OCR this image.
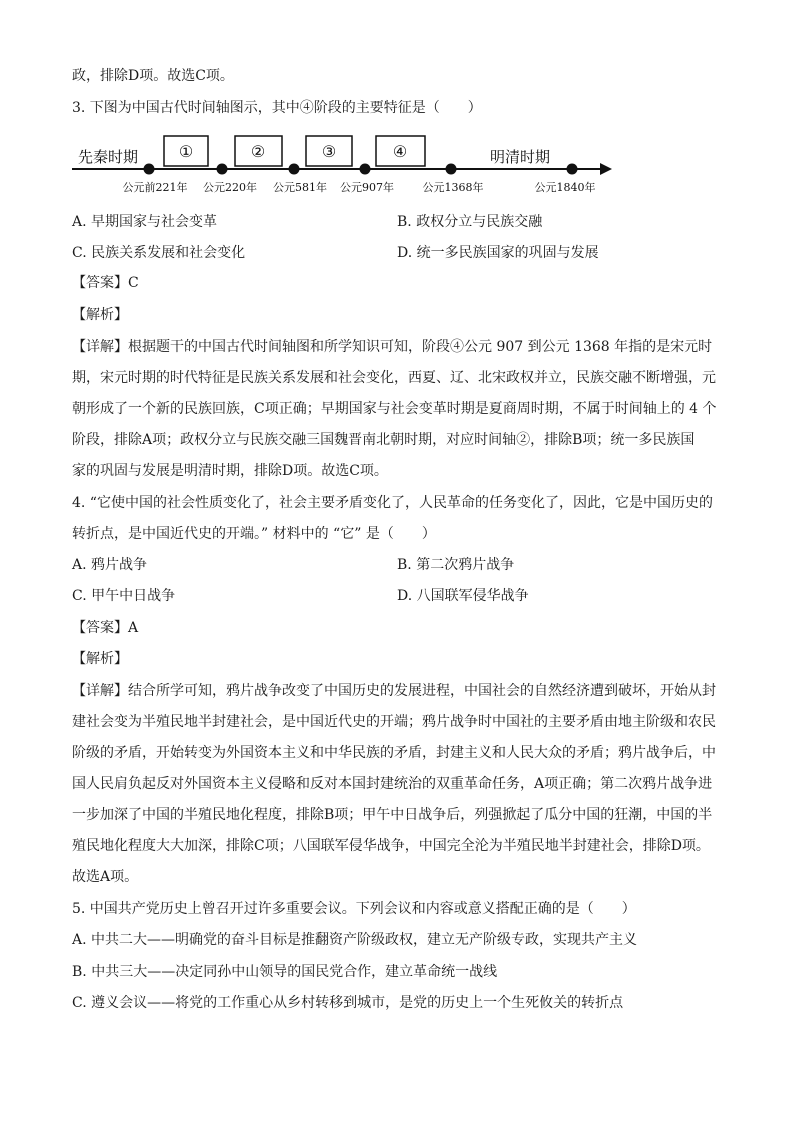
政，排除D项。故选C项。
3. 下图为中国古代时间轴图示，其中④阶段的主要特征是（　　）
先秦时期	明清时期
①	②	③	④
公元前221年 公元220年 公元581年 公元907年	公元1368年	公元1840年
A. 早期国家与社会变革	B. 政权分立与民族交融
C. 民族关系发展和社会变化	D. 统一多民族国家的巩固与发展
【答案】C
【解析】
【详解】根据题干的中国古代时间轴图和所学知识可知，阶段④公元 907 到公元 1368 年指的是宋元时
期，宋元时期的时代特征是民族关系发展和社会变化，西夏、辽、北宋政权并立，民族交融不断增强，元
朝形成了一个新的民族回族，C项正确；早期国家与社会变革时期是夏商周时期，不属于时间轴上的 4 个
阶段，排除A项；政权分立与民族交融三国魏晋南北朝时期，对应时间轴②，排除B项；统一多民族国
家的巩固与发展是明清时期，排除D项。故选C项。
4. “它使中国的社会性质变化了，社会主要矛盾变化了，人民革命的任务变化了，因此，它是中国历史的
转折点，是中国近代史的开端。” 材料中的 “它” 是（　　）
A. 鸦片战争	B. 第二次鸦片战争
C. 甲午中日战争	D. 八国联军侵华战争
【答案】A
【解析】
【详解】结合所学可知，鸦片战争改变了中国历史的发展进程，中国社会的自然经济遭到破坏，开始从封
建社会变为半殖民地半封建社会，是中国近代史的开端；鸦片战争时中国社的主要矛盾由地主阶级和农民
阶级的矛盾，开始转变为外国资本主义和中华民族的矛盾，封建主义和人民大众的矛盾；鸦片战争后，中
国人民肩负起反对外国资本主义侵略和反对本国封建统治的双重革命任务，A项正确；第二次鸦片战争进
一步加深了中国的半殖民地化程度，排除B项；甲午中日战争后，列强掀起了瓜分中国的狂潮，中国的半
殖民地化程度大大加深，排除C项；八国联军侵华战争，中国完全沦为半殖民地半封建社会，排除D项。
故选A项。
5. 中国共产党历史上曾召开过许多重要会议。下列会议和内容或意义搭配正确的是（　　）
A. 中共二大——明确党的奋斗目标是推翻资产阶级政权，建立无产阶级专政，实现共产主义
B. 中共三大——决定同孙中山领导的国民党合作，建立革命统一战线
C. 遵义会议——将党的工作重心从乡村转移到城市，是党的历史上一个生死攸关的转折点
